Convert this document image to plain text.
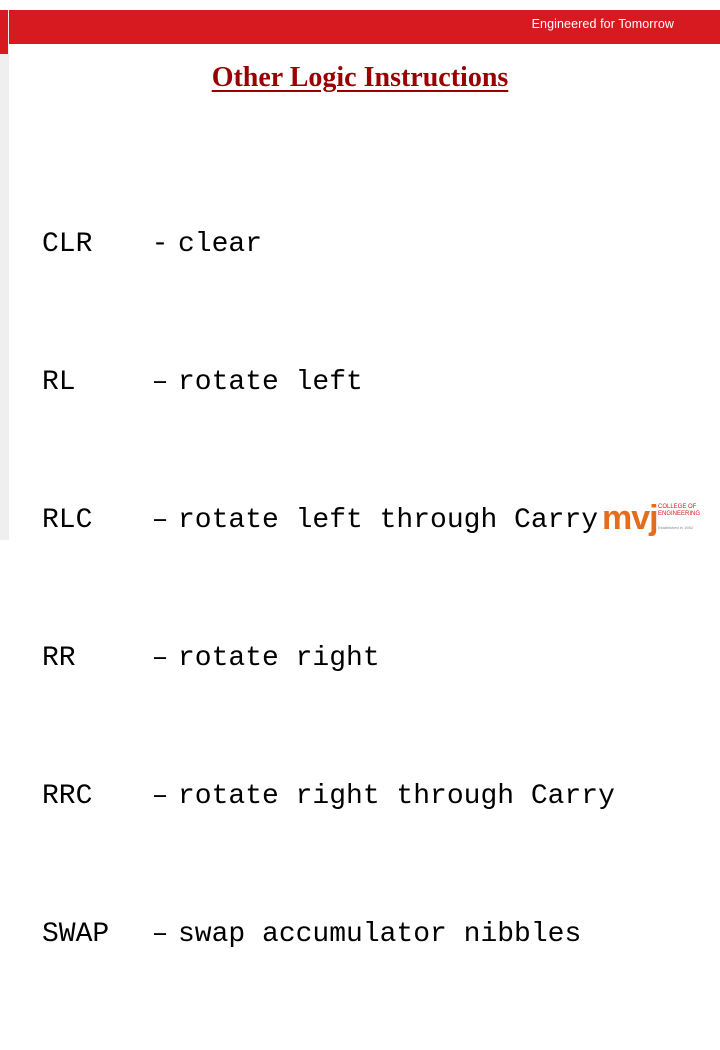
Engineered for Tomorrow
Other Logic Instructions

CLR - clear

RL	– rotate left

RLC – rotate left through Carry

RR	– rotate right

RRC – rotate right through Carry

SWAP – swap accumulator nibbles

mvj COLLEGE OF
ENGINEERING
Established in 1982
